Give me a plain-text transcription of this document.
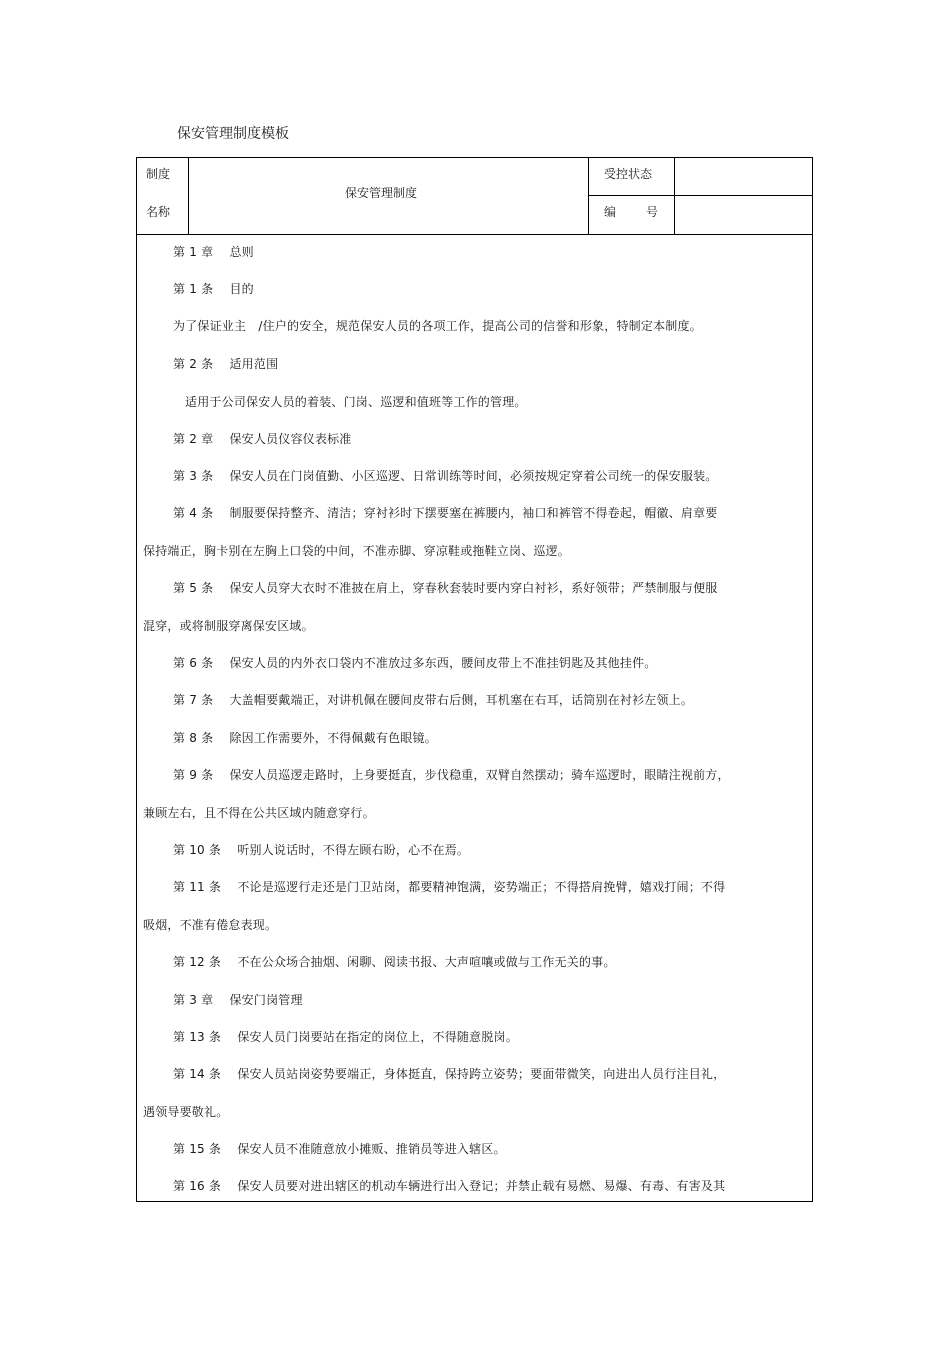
保安管理制度模板
制度
名称
保安管理制度
受控状态
编　　号
第 1 章　 总则
第 1 条　 目的
为了保证业主　/住户的安全，规范保安人员的各项工作，提高公司的信誉和形象，特制定本制度。
第 2 条　 适用范围
适用于公司保安人员的着装、门岗、巡逻和值班等工作的管理。
第 2 章　 保安人员仪容仪表标准
第 3 条　 保安人员在门岗值勤、小区巡逻、日常训练等时间，必须按规定穿着公司统一的保安服装。
第 4 条　 制服要保持整齐、清洁；穿衬衫时下摆要塞在裤腰内，袖口和裤管不得卷起，帽徽、肩章要
保持端正，胸卡别在左胸上口袋的中间，不准赤脚、穿凉鞋或拖鞋立岗、巡逻。
第 5 条　 保安人员穿大衣时不准披在肩上，穿春秋套装时要内穿白衬衫，系好领带；严禁制服与便服
混穿，或将制服穿离保安区域。
第 6 条　 保安人员的内外衣口袋内不准放过多东西，腰间皮带上不准挂钥匙及其他挂件。
第 7 条　 大盖帽要戴端正，对讲机佩在腰间皮带右后侧，耳机塞在右耳，话筒别在衬衫左领上。
第 8 条　 除因工作需要外，不得佩戴有色眼镜。
第 9 条　 保安人员巡逻走路时，上身要挺直，步伐稳重，双臂自然摆动；骑车巡逻时，眼睛注视前方，
兼顾左右，且不得在公共区域内随意穿行。
第 10 条　 听别人说话时，不得左顾右盼，心不在焉。
第 11 条　 不论是巡逻行走还是门卫站岗，都要精神饱满，姿势端正；不得搭肩挽臂，嬉戏打闹；不得
吸烟，不准有倦怠表现。
第 12 条　 不在公众场合抽烟、闲聊、阅读书报、大声喧嚷或做与工作无关的事。
第 3 章　 保安门岗管理
第 13 条　 保安人员门岗要站在指定的岗位上，不得随意脱岗。
第 14 条　 保安人员站岗姿势要端正，身体挺直，保持跨立姿势；要面带微笑，向进出人员行注目礼，
遇领导要敬礼。
第 15 条　 保安人员不准随意放小摊贩、推销员等进入辖区。
第 16 条　 保安人员要对进出辖区的机动车辆进行出入登记；并禁止载有易燃、易爆、有毒、有害及其
